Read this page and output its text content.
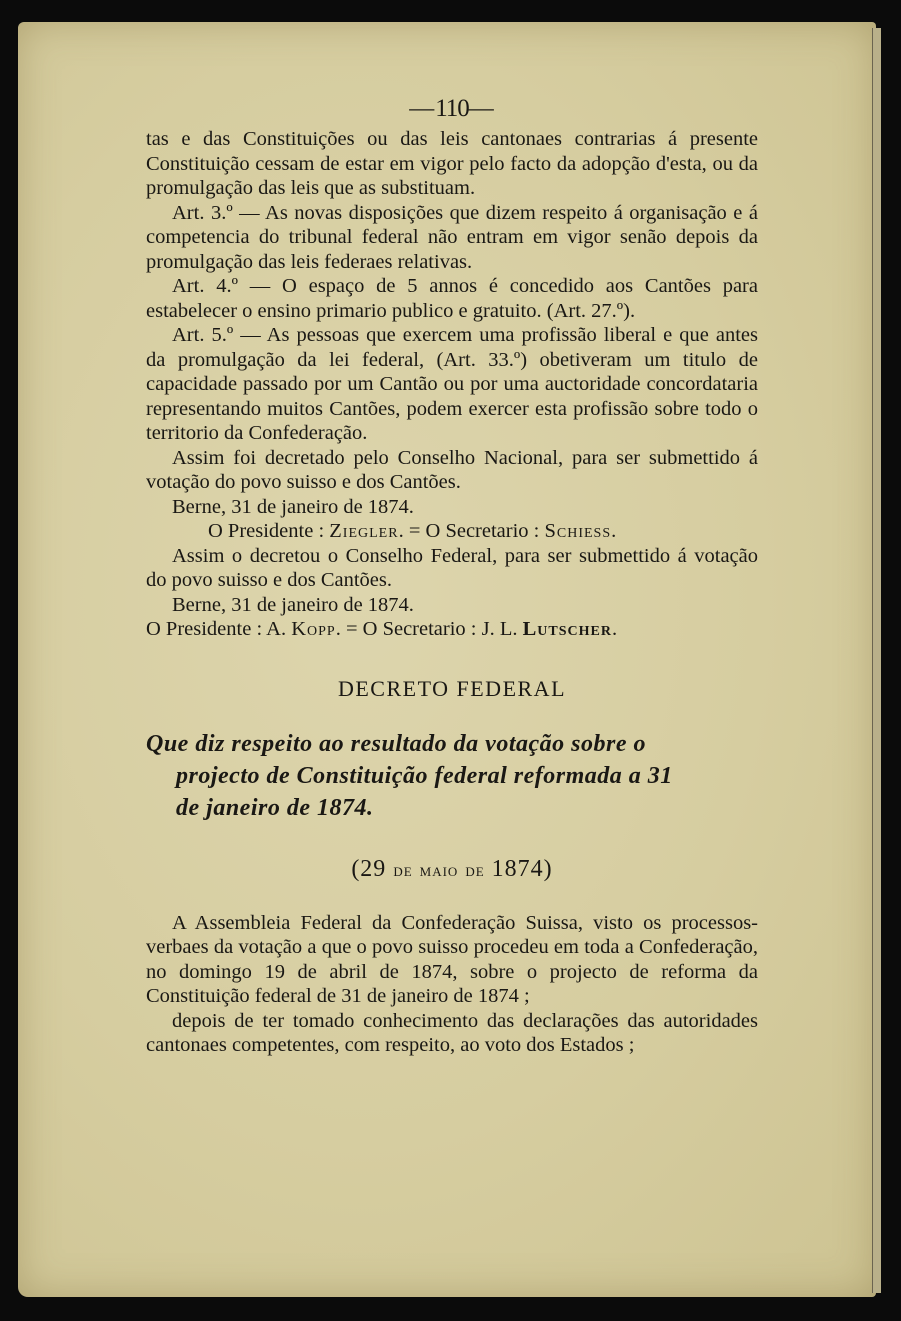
—110—

tas e das Constituições ou das leis cantonaes contrarias á presente Constituição cessam de estar em vigor pelo facto da adopção d'esta, ou da promulgação das leis que as substituam.

Art. 3.º — As novas disposições que dizem respeito á organisação e á competencia do tribunal federal não entram em vigor senão depois da promulgação das leis federaes relativas.

Art. 4.º — O espaço de 5 annos é concedido aos Cantões para estabelecer o ensino primario publico e gratuito. (Art. 27.º).

Art. 5.º — As pessoas que exercem uma profissão liberal e que antes da promulgação da lei federal, (Art. 33.º) obetiveram um titulo de capacidade passado por um Cantão ou por uma auctoridade concordataria representando muitos Cantões, podem exercer esta profissão sobre todo o territorio da Confederação.

Assim foi decretado pelo Conselho Nacional, para ser submettido á votação do povo suisso e dos Cantões.

Berne, 31 de janeiro de 1874.

O Presidente : Ziegler. = O Secretario : Schiess.

Assim o decretou o Conselho Federal, para ser submettido á votação do povo suisso e dos Cantões.

Berne, 31 de janeiro de 1874.

O Presidente : A. Kopp. = O Secretario : J. L. Lutscher.

DECRETO FEDERAL

Que diz respeito ao resultado da votação sobre o

projecto de Constituição federal reformada a 31
de janeiro de 1874.

(29 de maio de 1874)

A Assembleia Federal da Confederação Suissa, visto os processos-verbaes da votação a que o povo suisso procedeu em toda a Confederação, no domingo 19 de abril de 1874, sobre o projecto de reforma da Constituição federal de 31 de janeiro de 1874 ;

depois de ter tomado conhecimento das declarações das autoridades cantonaes competentes, com respeito, ao voto dos Estados ;
